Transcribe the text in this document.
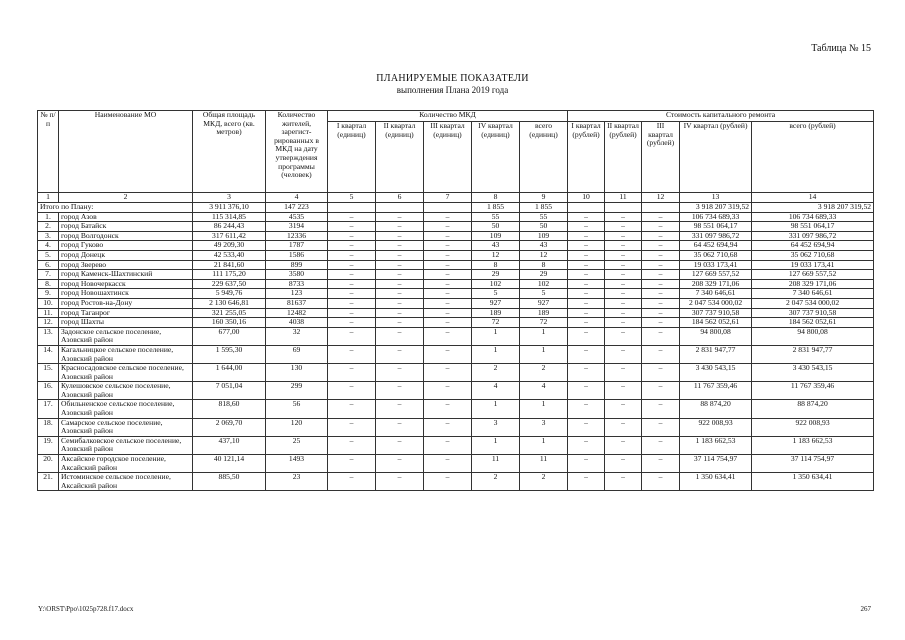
Таблица № 15
ПЛАНИРУЕМЫЕ ПОКАЗАТЕЛИ
выполнения Плана 2019 года
№ п/п	Наименование МО	Общая площадь МКД, всего (кв. метров)	Количество жителей, зарегист-рированных в МКД на дату утверждения программы (человек)	Количество МКД					Стоимость капитального ремонта				
				I квартал (единиц)	II квартал (единиц)	III квартал (единиц)	IV квартал (единиц)	всего (единиц)	I квартал (рублей)	II квартал (рублей)	III квартал (рублей)	IV квартал (рублей)	всего (рублей)
1	2	3	4	5	6	7	8	9	10	11	12	13	14
Итого по Плану:		3 911 376,10	147 223				1 855	1 855				3 918 207 319,52	3 918 207 319,52
1.	город Азов	115 314,85	4535	–	–	–	55	55	–	–	–	106 734 689,33	106 734 689,33
2.	город Батайск	86 244,43	3194	–	–	–	50	50	–	–	–	98 551 064,17	98 551 064,17
3.	город Волгодонск	317 611,42	12336	–	–	–	109	109	–	–	–	331 097 986,72	331 097 986,72
4.	город Гуково	49 209,30	1787	–	–	–	43	43	–	–	–	64 452 694,94	64 452 694,94
5.	город Донецк	42 533,40	1586	–	–	–	12	12	–	–	–	35 062 710,68	35 062 710,68
6.	город Зверево	21 841,60	899	–	–	–	8	8	–	–	–	19 033 173,41	19 033 173,41
7.	город Каменск-Шахтинский	111 175,20	3580	–	–	–	29	29	–	–	–	127 669 557,52	127 669 557,52
8.	город Новочеркасск	229 637,50	8733	–	–	–	102	102	–	–	–	208 329 171,06	208 329 171,06
9.	город Новошахтинск	5 949,76	123	–	–	–	5	5	–	–	–	7 340 646,61	7 340 646,61
10.	город Ростов-на-Дону	2 130 646,81	81637	–	–	–	927	927	–	–	–	2 047 534 000,02	2 047 534 000,02
11.	город Таганрог	321 255,05	12482	–	–	–	189	189	–	–	–	307 737 910,58	307 737 910,58
12.	город Шахты	160 350,16	4038	–	–	–	72	72	–	–	–	184 562 052,61	184 562 052,61
13.	Задонское сельское поселение, Азовский район	677,00	32	–	–	–	1	1	–	–	–	94 800,08	94 800,08
14.	Кагальницкое сельское поселение, Азовский район	1 595,30	69	–	–	–	1	1	–	–	–	2 831 947,77	2 831 947,77
15.	Красносадовское сельское поселение, Азовский район	1 644,00	130	–	–	–	2	2	–	–	–	3 430 543,15	3 430 543,15
16.	Кулешовское сельское поселение, Азовский район	7 051,04	299	–	–	–	4	4	–	–	–	11 767 359,46	11 767 359,46
17.	Обильненское сельское поселение, Азовский район	818,60	56	–	–	–	1	1	–	–	–	88 874,20	88 874,20
18.	Самарское сельское поселение, Азовский район	2 069,70	120	–	–	–	3	3	–	–	–	922 008,93	922 008,93
19.	Семибалковское сельское поселение, Азовский район	437,10	25	–	–	–	1	1	–	–	–	1 183 662,53	1 183 662,53
20.	Аксайское городское поселение, Аксайский район	40 121,14	1493	–	–	–	11	11	–	–	–	37 114 754,97	37 114 754,97
21.	Истоминское сельское поселение, Аксайский район	885,50	23	–	–	–	2	2	–	–	–	1 350 634,41	1 350 634,41
Y:\ORST\Ppo\1025p728.f17.docx	267
